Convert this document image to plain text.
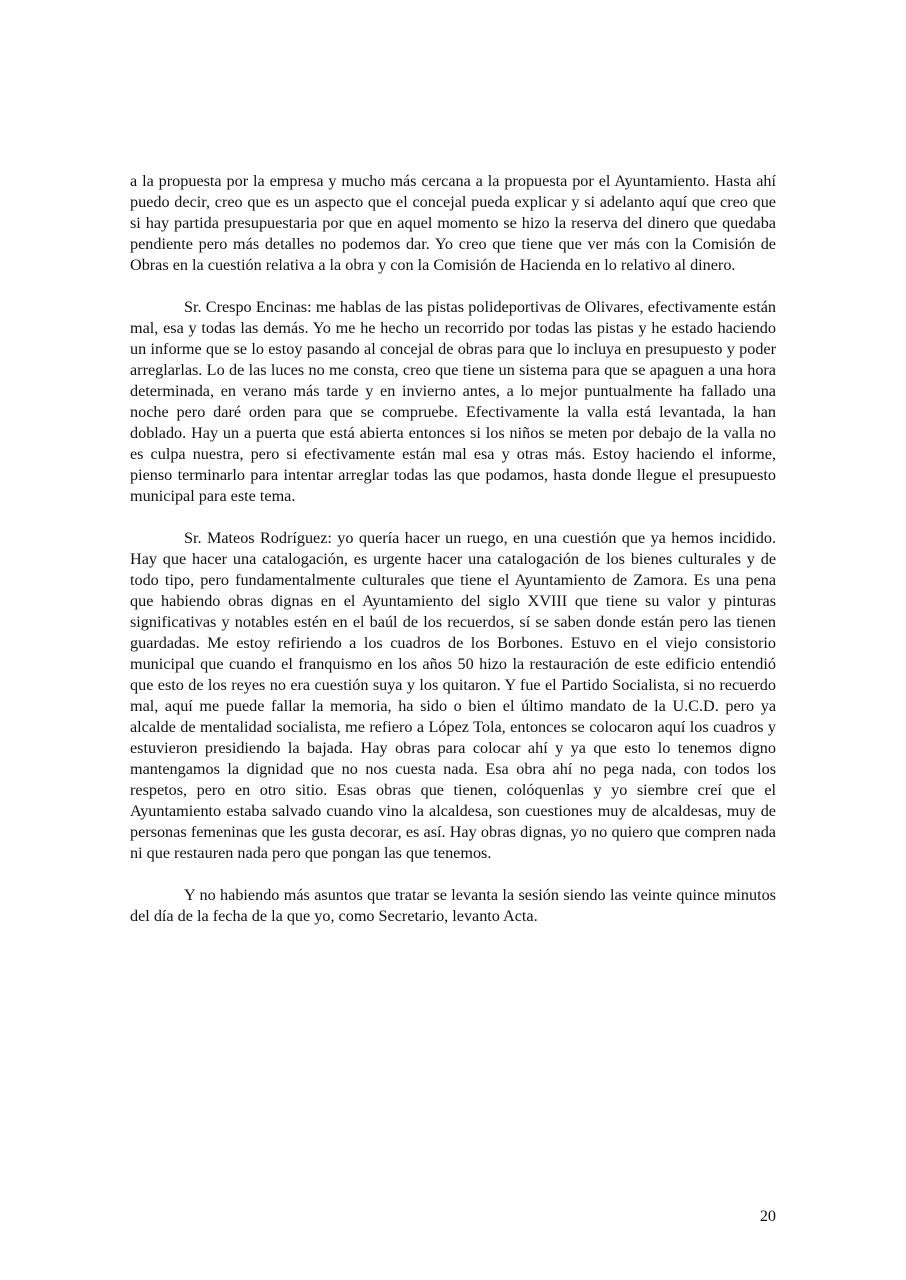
a la propuesta por la empresa y mucho más cercana a la propuesta por el Ayuntamiento. Hasta ahí puedo decir, creo que es un aspecto que el concejal pueda explicar y si adelanto aquí que creo que si hay partida presupuestaria por que en aquel momento se hizo la reserva del dinero que quedaba pendiente pero más detalles no podemos dar. Yo creo que tiene que ver más con la Comisión de Obras en la cuestión relativa a la obra y con la Comisión de Hacienda en lo relativo al dinero.

Sr. Crespo Encinas: me hablas de las pistas polideportivas de Olivares, efectivamente están mal, esa y todas las demás. Yo me he hecho un recorrido por todas las pistas y he estado haciendo un informe que se lo estoy pasando al concejal de obras para que lo incluya en presupuesto y poder arreglarlas. Lo de las luces no me consta, creo que tiene un sistema para que se apaguen a una hora determinada, en verano más tarde y en invierno antes, a lo mejor puntualmente ha fallado una noche pero daré orden para que se compruebe. Efectivamente la valla está levantada, la han doblado. Hay un a puerta que está abierta entonces si los niños se meten por debajo de la valla no es culpa nuestra, pero si efectivamente están mal esa y otras más. Estoy haciendo el informe, pienso terminarlo para intentar arreglar todas las que podamos, hasta donde llegue el presupuesto municipal para este tema.

Sr. Mateos Rodríguez: yo quería hacer un ruego, en una cuestión que ya hemos incidido. Hay que hacer una catalogación, es urgente hacer una catalogación de los bienes culturales y de todo tipo, pero fundamentalmente culturales que tiene el Ayuntamiento de Zamora. Es una pena que habiendo obras dignas en el Ayuntamiento del siglo XVIII que tiene su valor y pinturas significativas y notables estén en el baúl de los recuerdos, sí se saben donde están pero las tienen guardadas. Me estoy refiriendo a los cuadros de los Borbones. Estuvo en el viejo consistorio municipal que cuando el franquismo en los años 50 hizo la restauración de este edificio entendió que esto de los reyes no era cuestión suya y los quitaron. Y fue el Partido Socialista, si no recuerdo mal, aquí me puede fallar la memoria, ha sido o bien el último mandato de la U.C.D. pero ya alcalde de mentalidad socialista, me refiero a López Tola, entonces se colocaron aquí los cuadros y estuvieron presidiendo la bajada. Hay obras para colocar ahí y ya que esto lo tenemos digno mantengamos la dignidad que no nos cuesta nada. Esa obra ahí no pega nada, con todos los respetos, pero en otro sitio. Esas obras que tienen, colóquenlas y yo siembre creí que el Ayuntamiento estaba salvado cuando vino la alcaldesa, son cuestiones muy de alcaldesas, muy de personas femeninas que les gusta decorar, es así. Hay obras dignas, yo no quiero que compren nada ni que restauren nada pero que pongan las que tenemos.

Y no habiendo más asuntos que tratar se levanta la sesión siendo las veinte quince minutos del día de la fecha de la que yo, como Secretario, levanto Acta.

20
